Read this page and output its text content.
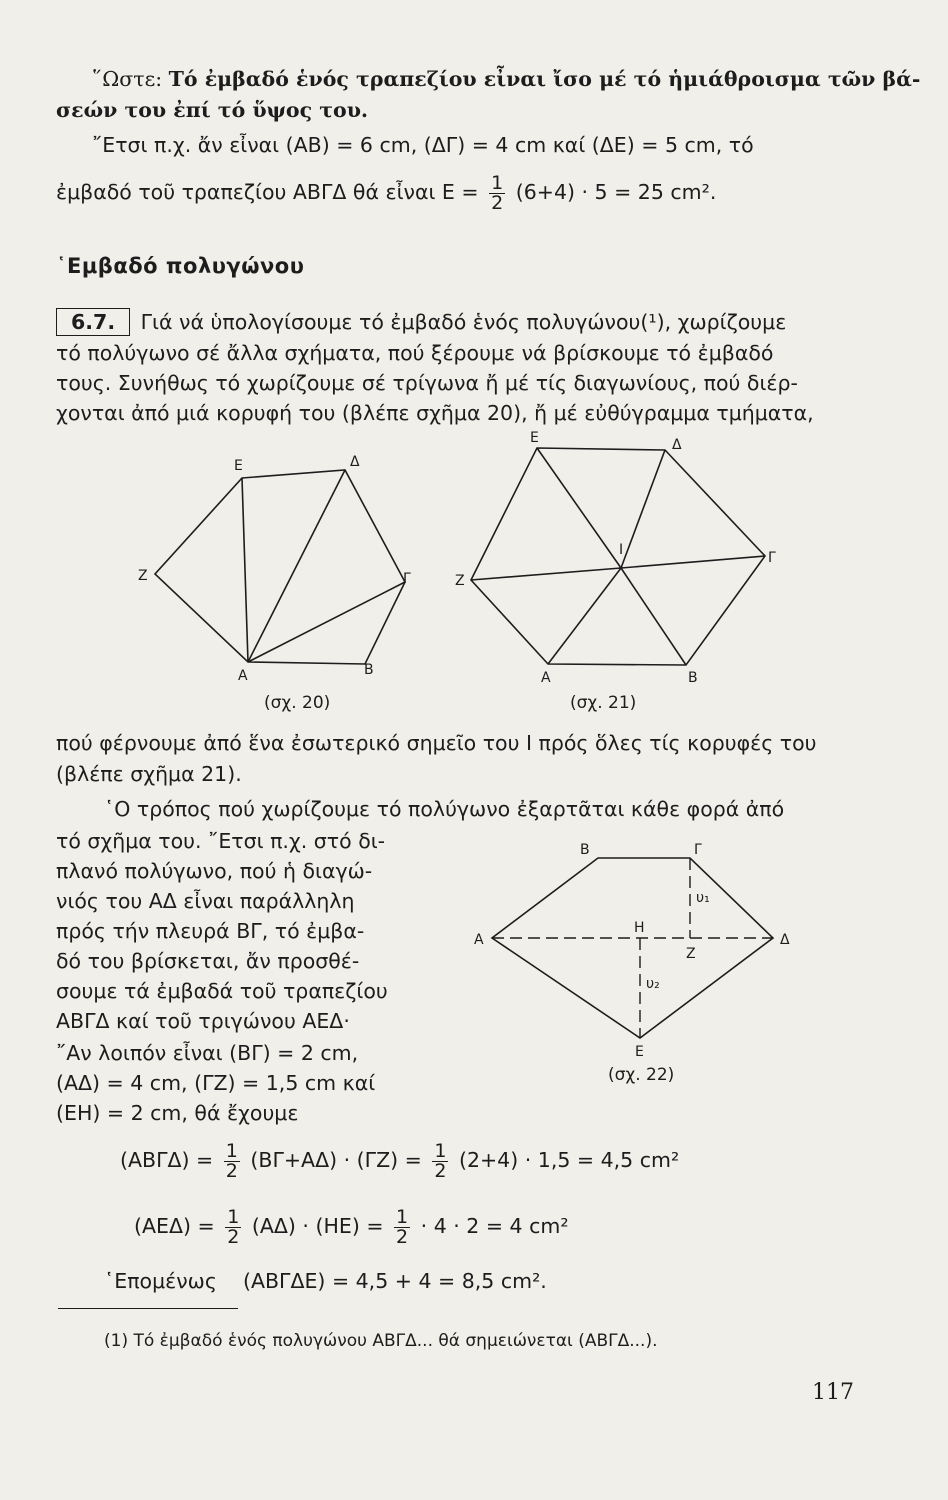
῞Ωστε: Τό ἐμβαδό ἑνός τραπεζίου εἶναι ἴσο μέ τό ἡμιάθροισμα τῶν βά-
σεών του ἐπί τό ὕψος του.
῎Ετσι π.χ. ἄν εἶναι (ΑΒ) = 6 cm, (ΔΓ) = 4 cm καί (ΔΕ) = 5 cm, τό
ἐμβαδό τοῦ τραπεζίου ΑΒΓΔ θά εἶναι $E = \frac{1}{2} (6+4) \cdot 5 = 25$ cm².
῾Εμβαδό πολυγώνου
6.7. Γιά νά ὑπολογίσουμε τό ἐμβαδό ἑνός πολυγώνου(¹), χωρίζουμε
τό πολύγωνο σέ ἄλλα σχήματα, πού ξέρουμε νά βρίσκουμε τό ἐμβαδό
τους. Συνήθως τό χωρίζουμε σέ τρίγωνα ἤ μέ τίς διαγωνίους, πού διέρ-
χονται ἀπό μιά κορυφή του (βλέπε σχῆμα 20), ἤ μέ εὐθύγραμμα τμήματα,
Ε	Δ
Ζ	Γ
Α	Β
(σχ. 20)
Ε	Δ
Γ
Ι
Ζ
Α	Β
(σχ. 21)
πού φέρνουμε ἀπό ἕνα ἐσωτερικό σημεῖο του Ι πρός ὅλες τίς κορυφές του
(βλέπε σχῆμα 21).
῾Ο τρόπος πού χωρίζουμε τό πολύγωνο ἐξαρτᾶται κάθε φορά ἀπό
τό σχῆμα του. ῎Ετσι π.χ. στό δι-
πλανό πολύγωνο, πού ἡ διαγώ-
νιός του ΑΔ εἶναι παράλληλη
πρός τήν πλευρά ΒΓ, τό ἐμβα-
δό του βρίσκεται, ἄν προσθέ-
σουμε τά ἐμβαδά τοῦ τραπεζίου
ΑΒΓΔ καί τοῦ τριγώνου ΑΕΔ·
῎Αν λοιπόν εἶναι (ΒΓ) = 2 cm,
(ΑΔ) = 4 cm, (ΓΖ) = 1,5 cm καί
(ΕΗ) = 2 cm, θά ἔχουμε
Β	Γ
υ₁
Η
Α	Δ
Ζ
υ₂
Ε
(σχ. 22)
$(AB\Gamma\Delta) = \frac{1}{2} (B\Gamma+A\Delta) \cdot (\Gamma Z) = \frac{1}{2} (2+4) \cdot 1,5 = 4,5$ cm²
$(AE\Delta) = \frac{1}{2} (A\Delta) \cdot (HE) = \frac{1}{2} \cdot 4 \cdot 2 = 4$ cm²
῾Επομένως (ΑΒΓΔΕ) = 4,5 + 4 = 8,5 cm².
(1) Τό ἐμβαδό ἑνός πολυγώνου ΑΒΓΔ... θά σημειώνεται (ΑΒΓΔ...).
117
